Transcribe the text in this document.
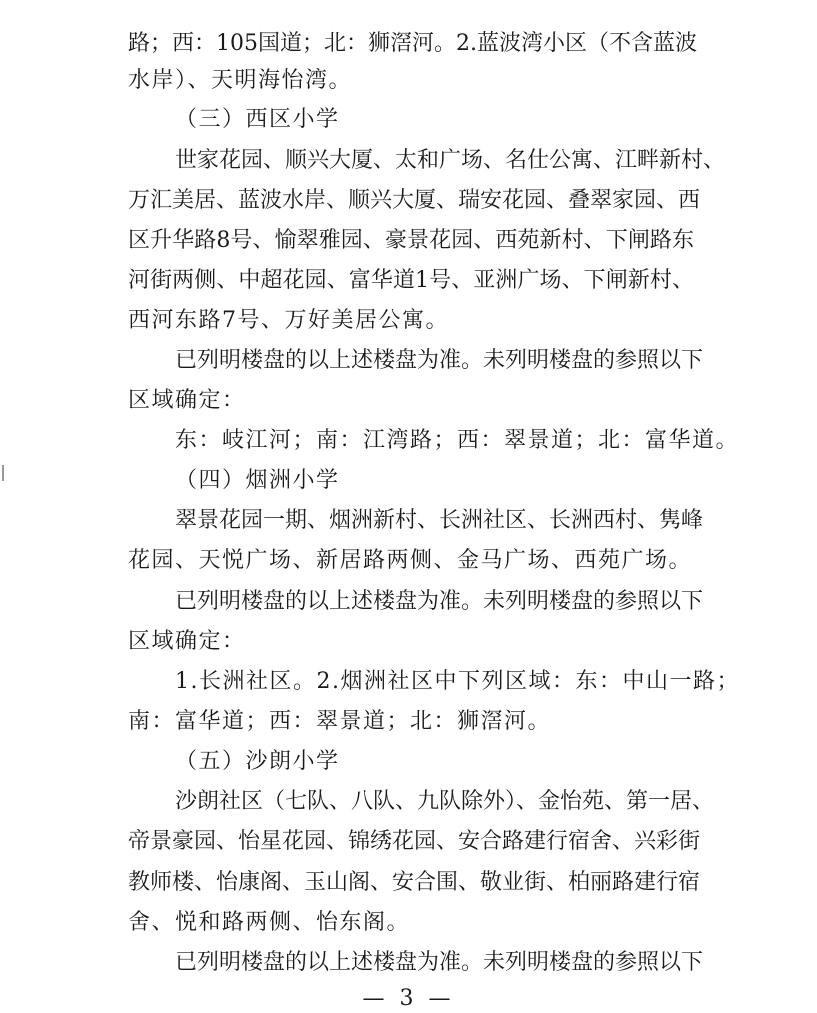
路；西：105国道；北：狮滘河。2.蓝波湾小区（不含蓝波
水岸）、天明海怡湾。
（三）西区小学
世家花园、顺兴大厦、太和广场、名仕公寓、江畔新村、
万汇美居、蓝波水岸、顺兴大厦、瑞安花园、叠翠家园、西
区升华路8号、愉翠雅园、豪景花园、西苑新村、下闸路东
河街两侧、中超花园、富华道1号、亚洲广场、下闸新村、
西河东路7号、万好美居公寓。
已列明楼盘的以上述楼盘为准。未列明楼盘的参照以下
区域确定：
东：岐江河；南：江湾路；西：翠景道；北：富华道。
（四）烟洲小学
翠景花园一期、烟洲新村、长洲社区、长洲西村、隽峰
花园、天悦广场、新居路两侧、金马广场、西苑广场。
已列明楼盘的以上述楼盘为准。未列明楼盘的参照以下
区域确定：
1.长洲社区。2.烟洲社区中下列区域：东：中山一路；
南：富华道；西：翠景道；北：狮滘河。
（五）沙朗小学
沙朗社区（七队、八队、九队除外）、金怡苑、第一居、
帝景豪园、怡星花园、锦绣花园、安合路建行宿舍、兴彩街
教师楼、怡康阁、玉山阁、安合围、敬业街、柏丽路建行宿
舍、悦和路两侧、怡东阁。
已列明楼盘的以上述楼盘为准。未列明楼盘的参照以下
— 3 —
